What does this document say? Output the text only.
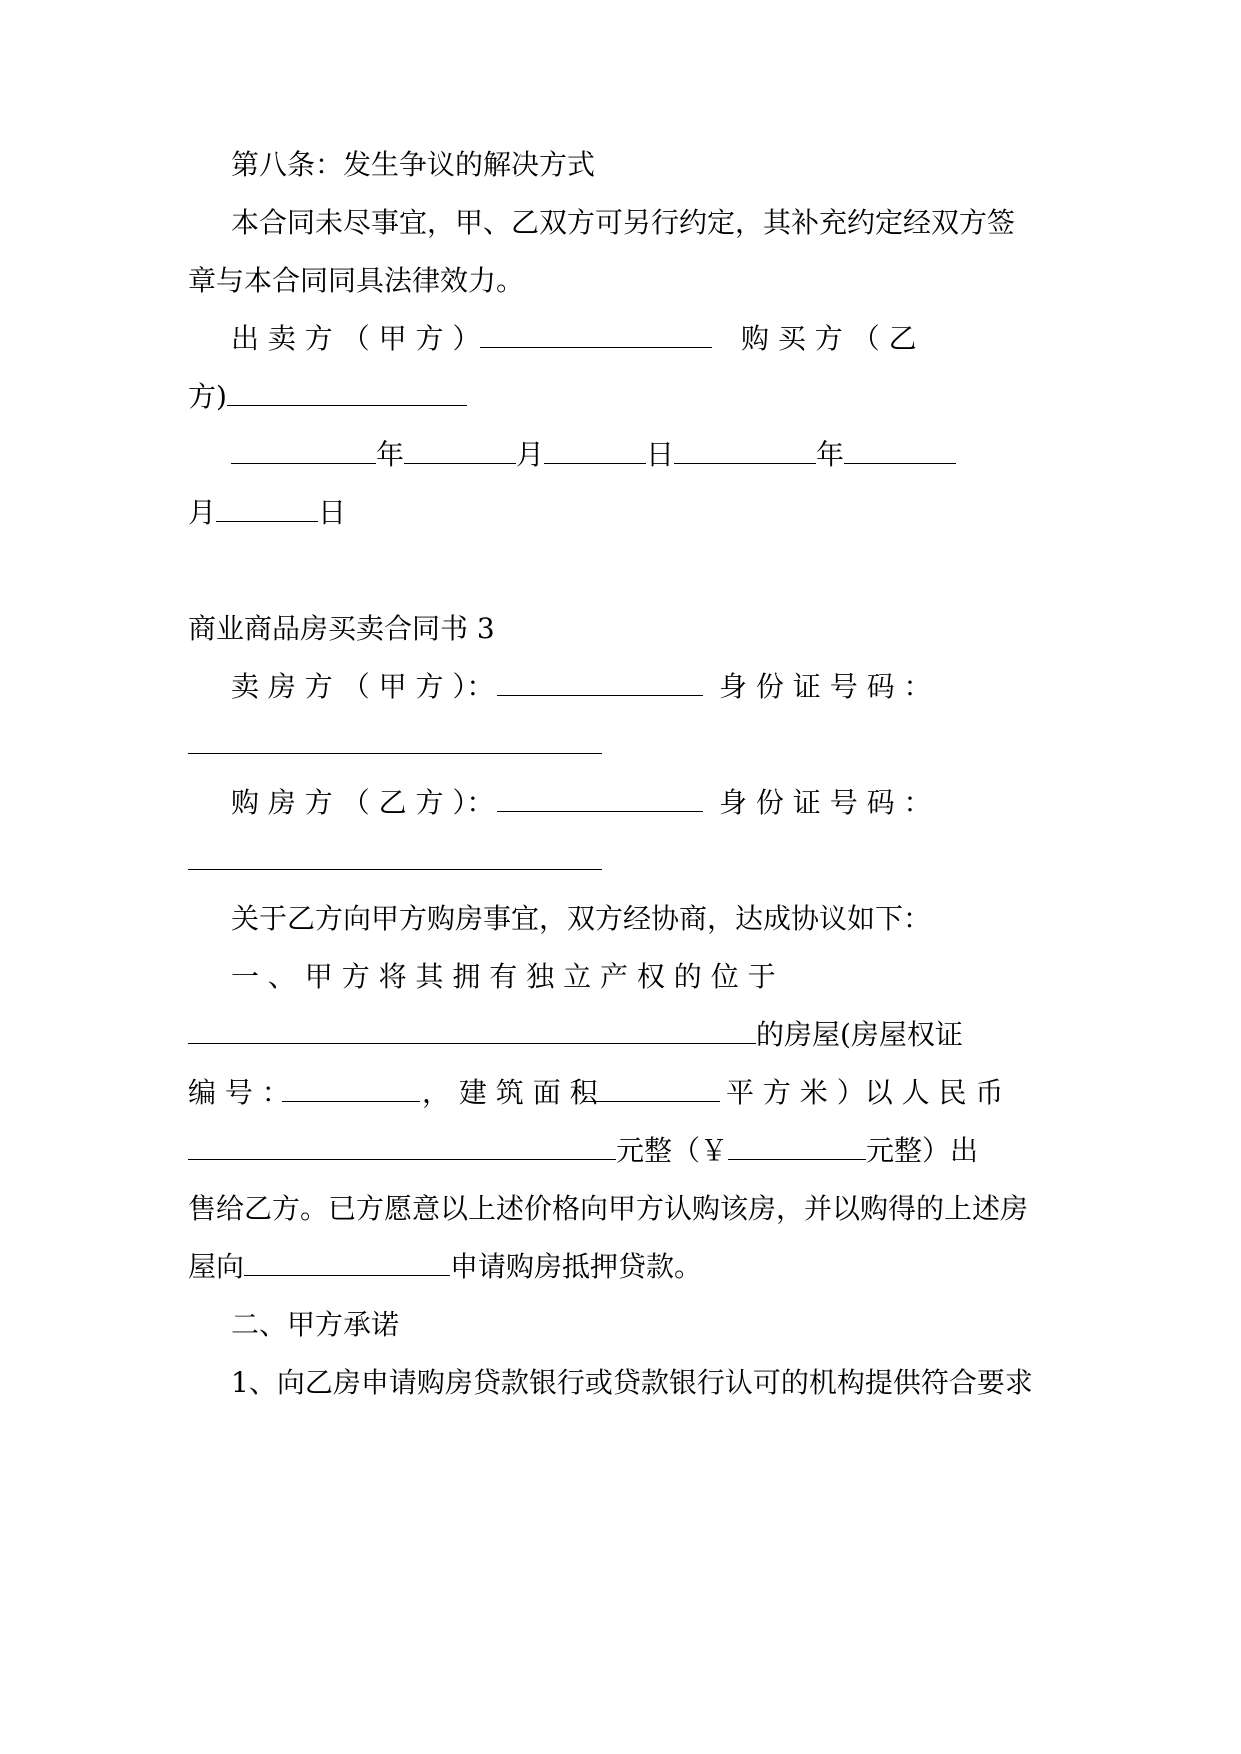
第八条：发生争议的解决方式
本合同未尽事宜，甲、乙双方可另行约定，其补充约定经双方签
章与本合同同具法律效力。
出 卖 方 （ 甲 方 ）	购 买 方 （ 乙
方)
年	月	日	年
月	日
商业商品房买卖合同书 3
卖 房 方 （ 甲 方 ）：	身 份 证 号 码 ：
购 房 方 （ 乙 方 ）：	身 份 证 号 码 ：
关于乙方向甲方购房事宜，双方经协商，达成协议如下：
一 、 甲 方 将 其 拥 有 独 立 产 权 的 位 于
的房屋(房屋权证
编 号 ：	， 建 筑 面 积	平 方 米 ）以 人 民 币
元整（￥	元整）出
售给乙方。已方愿意以上述价格向甲方认购该房，并以购得的上述房
屋向	申请购房抵押贷款。
二、甲方承诺
1、向乙房申请购房贷款银行或贷款银行认可的机构提供符合要求
